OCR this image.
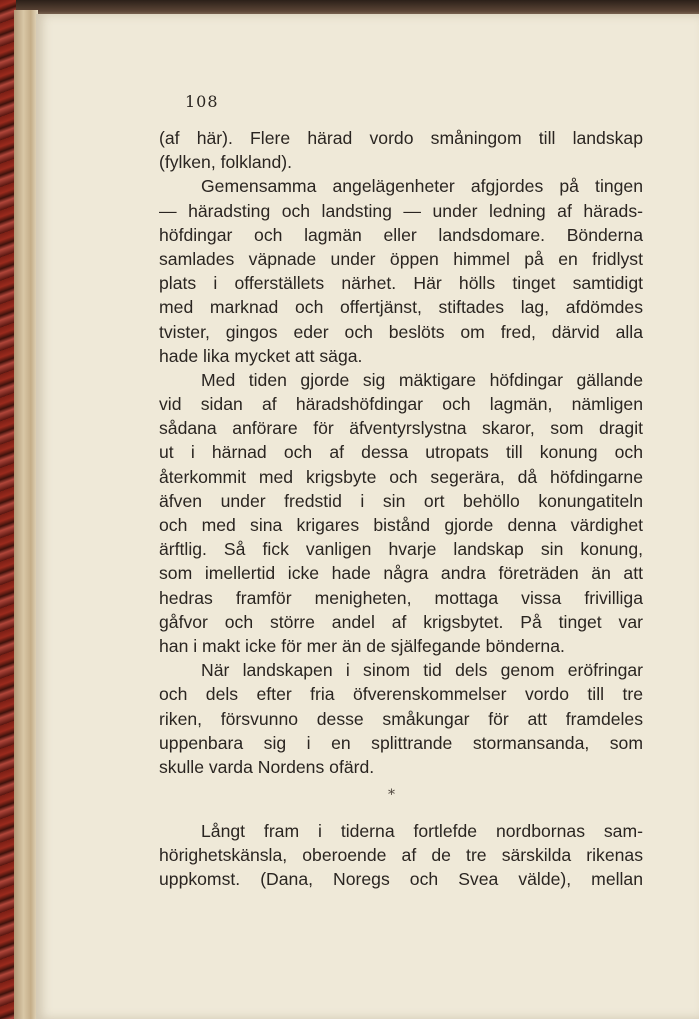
108
(af här). Flere härad vordo småningom till landskap
(fylken, folkland).
Gemensamma angelägenheter afgjordes på tingen
— häradsting och landsting — under ledning af härads-
höfdingar och lagmän eller landsdomare. Bönderna
samlades väpnade under öppen himmel på en fridlyst
plats i offerställets närhet. Här hölls tinget samtidigt
med marknad och offertjänst, stiftades lag, afdömdes
tvister, gingos eder och beslöts om fred, därvid alla
hade lika mycket att säga.
Med tiden gjorde sig mäktigare höfdingar gällande
vid sidan af häradshöfdingar och lagmän, nämligen
sådana anförare för äfventyrslystna skaror, som dragit
ut i härnad och af dessa utropats till konung och
återkommit med krigsbyte och segerära, då höfdingarne
äfven under fredstid i sin ort behöllo konungatiteln
och med sina krigares bistånd gjorde denna värdighet
ärftlig. Så fick vanligen hvarje landskap sin konung,
som imellertid icke hade några andra företräden än att
hedras framför menigheten, mottaga vissa frivilliga
gåfvor och större andel af krigsbytet. På tinget var
han i makt icke för mer än de själfegande bönderna.
När landskapen i sinom tid dels genom eröfringar
och dels efter fria öfverenskommelser vordo till tre
riken, försvunno desse småkungar för att framdeles
uppenbara sig i en splittrande stormansanda, som
skulle varda Nordens ofärd.
*
Långt fram i tiderna fortlefde nordbornas sam-
hörighetskänsla, oberoende af de tre särskilda rikenas
uppkomst. (Dana, Noregs och Svea välde), mellan
